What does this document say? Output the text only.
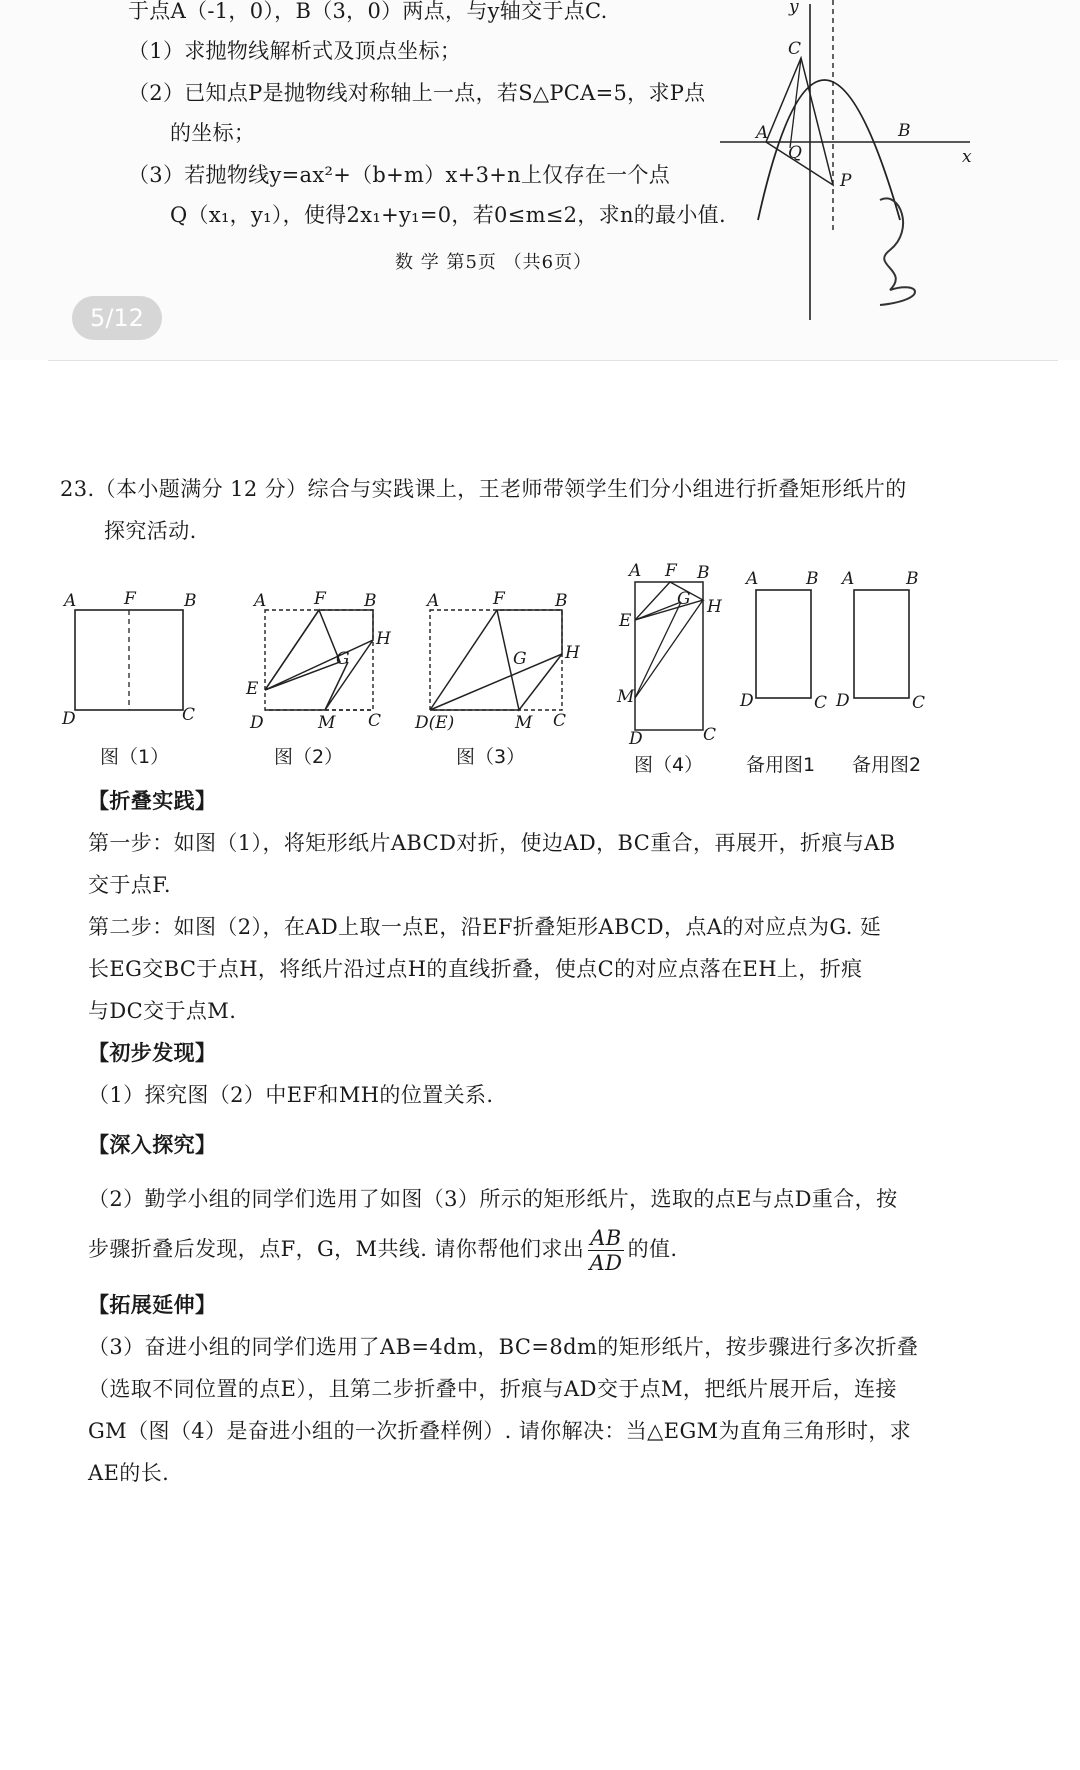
于点A（-1，0），B（3，0）两点，与y轴交于点C.
（1）求抛物线解析式及顶点坐标；
（2）已知点P是抛物线对称轴上一点，若S△PCA=5，求P点
的坐标；
（3）若抛物线y=ax²+（b+m）x+3+n上仅存在一个点
Q（x₁，y₁），使得2x₁+y₁=0，若0≤m≤2，求n的最小值.
数 学 第5页 （共6页）
y
x
C
A
Q
B
P
5/12
23.（本小题满分 12 分）综合与实践课上，王老师带领学生们分小组进行折叠矩形纸片的
探究活动.
A	F	B
D	C
图（1）
A	F B
H
G
E
D	M C
图（2）
A	F	B
H
G
D(E)	M C
图（3）
A F B
G H
E
M
D	C
图（4）
A	B
D	C
备用图1
A	B
D	C
备用图2
【折叠实践】
第一步：如图（1），将矩形纸片ABCD对折，使边AD，BC重合，再展开，折痕与AB
交于点F.
第二步：如图（2），在AD上取一点E，沿EF折叠矩形ABCD，点A的对应点为G. 延
长EG交BC于点H，将纸片沿过点H的直线折叠，使点C的对应点落在EH上，折痕
与DC交于点M.
【初步发现】
（1）探究图（2）中EF和MH的位置关系.
【深入探究】
（2）勤学小组的同学们选用了如图（3）所示的矩形纸片，选取的点E与点D重合，按
步骤折叠后发现，点F，G，M共线. 请你帮他们求出 $\frac{AB}{AD}$ 的值.
【拓展延伸】
（3）奋进小组的同学们选用了AB=4dm，BC=8dm的矩形纸片，按步骤进行多次折叠
（选取不同位置的点E），且第二步折叠中，折痕与AD交于点M，把纸片展开后，连接
GM（图（4）是奋进小组的一次折叠样例）. 请你解决：当△EGM为直角三角形时，求
AE的长.
